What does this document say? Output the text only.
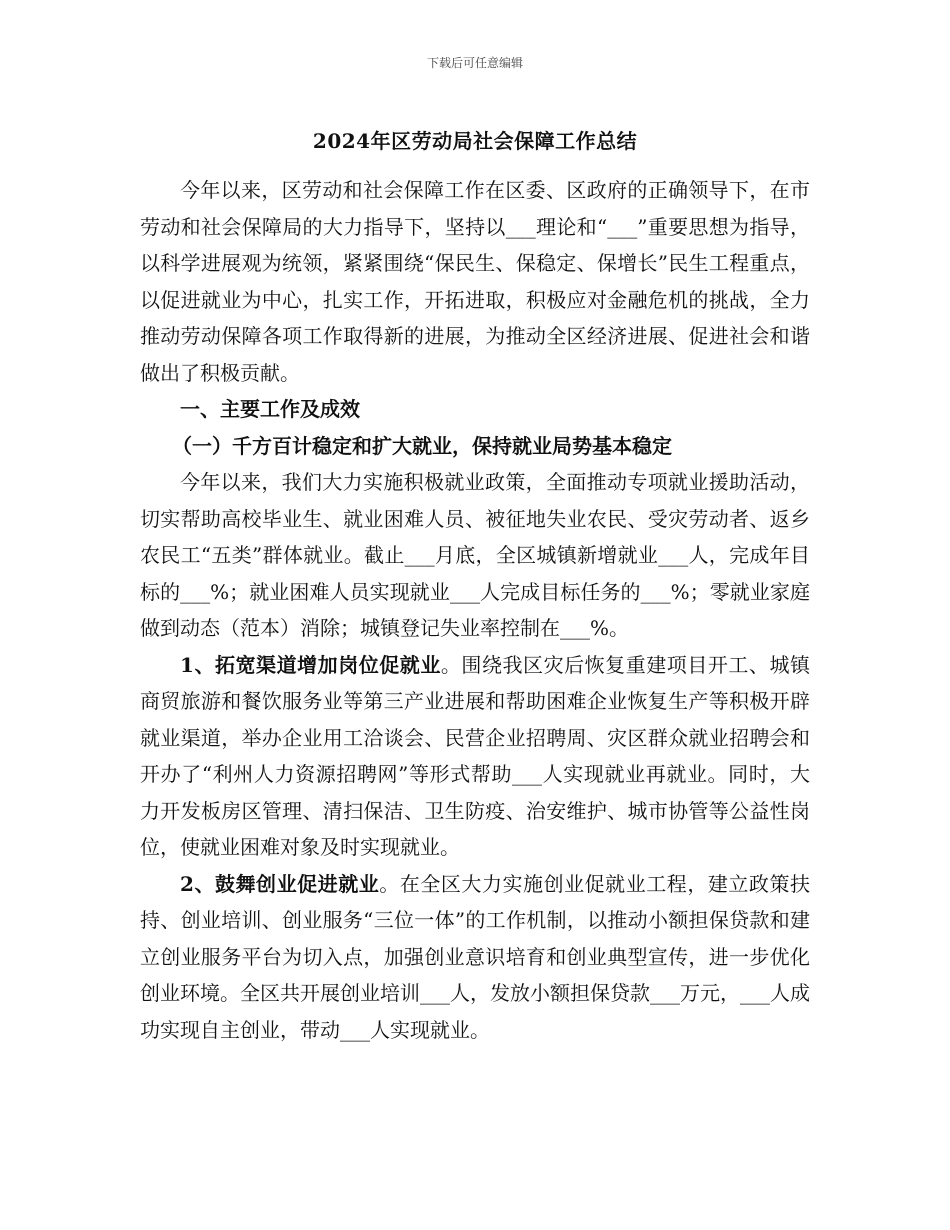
下载后可任意编辑
2024年区劳动局社会保障工作总结

今年以来，区劳动和社会保障工作在区委、区政府的正确领导下，在市劳动和社会保障局的大力指导下，坚持以___理论和“___”重要思想为指导，以科学进展观为统领，紧紧围绕“保民生、保稳定、保增长”民生工程重点，以促进就业为中心，扎实工作，开拓进取，积极应对金融危机的挑战，全力推动劳动保障各项工作取得新的进展，为推动全区经济进展、促进社会和谐做出了积极贡献。

一、主要工作及成效

（一）千方百计稳定和扩大就业，保持就业局势基本稳定

今年以来，我们大力实施积极就业政策，全面推动专项就业援助活动，切实帮助高校毕业生、就业困难人员、被征地失业农民、受灾劳动者、返乡农民工“五类”群体就业。截止___月底，全区城镇新增就业___人，完成年目标的___%；就业困难人员实现就业___人完成目标任务的___%；零就业家庭做到动态（范本）消除；城镇登记失业率控制在___%。

1、拓宽渠道增加岗位促就业。围绕我区灾后恢复重建项目开工、城镇商贸旅游和餐饮服务业等第三产业进展和帮助困难企业恢复生产等积极开辟就业渠道，举办企业用工洽谈会、民营企业招聘周、灾区群众就业招聘会和开办了“利州人力资源招聘网”等形式帮助___人实现就业再就业。同时，大力开发板房区管理、清扫保洁、卫生防疫、治安维护、城市协管等公益性岗位，使就业困难对象及时实现就业。

2、鼓舞创业促进就业。在全区大力实施创业促就业工程，建立政策扶持、创业培训、创业服务“三位一体”的工作机制，以推动小额担保贷款和建立创业服务平台为切入点，加强创业意识培育和创业典型宣传，进一步优化创业环境。全区共开展创业培训___人，发放小额担保贷款___万元，___人成功实现自主创业，带动___人实现就业。
